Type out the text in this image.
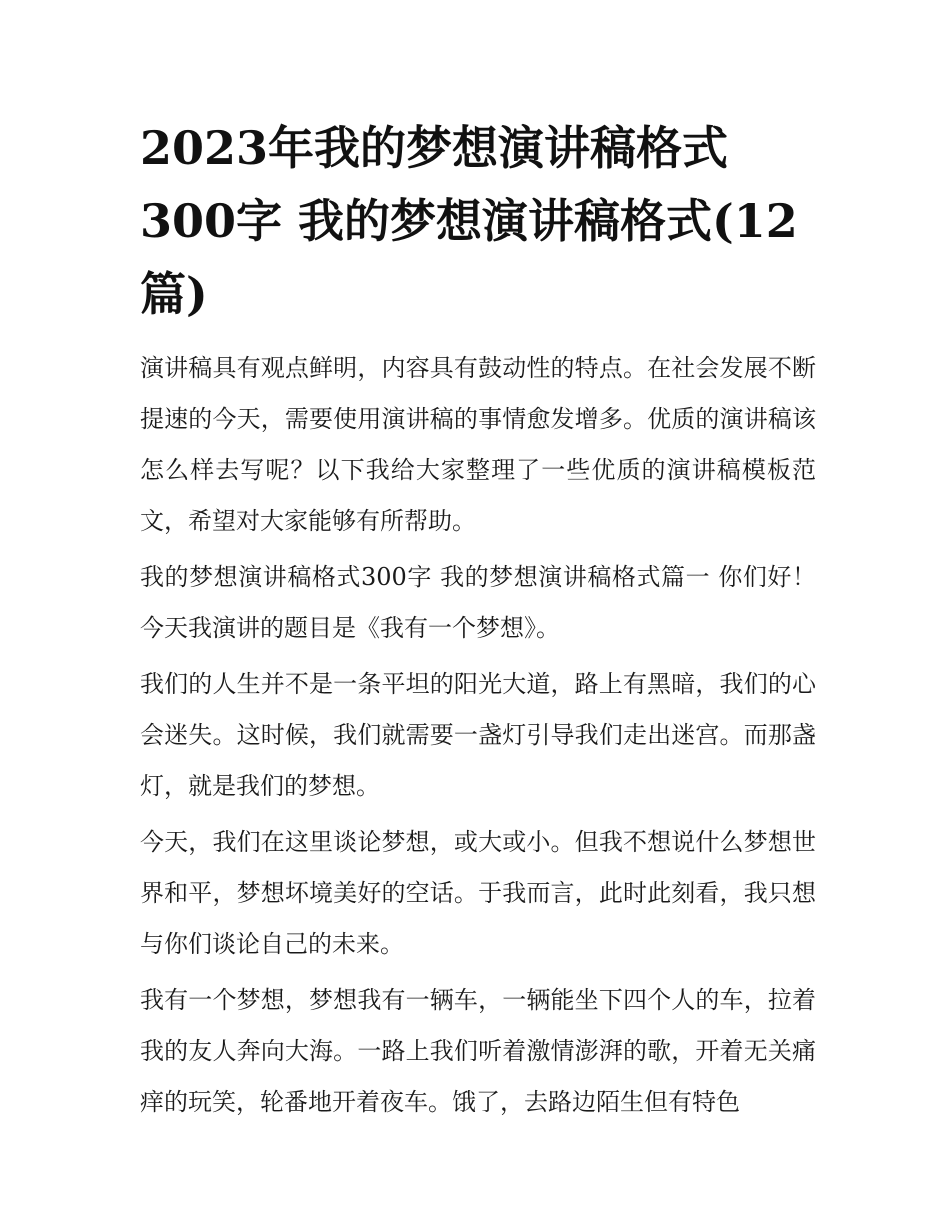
2023年我的梦想演讲稿格式300字 我的梦想演讲稿格式(12篇)

演讲稿具有观点鲜明，内容具有鼓动性的特点。在社会发展不断提速的今天，需要使用演讲稿的事情愈发增多。优质的演讲稿该怎么样去写呢？以下我给大家整理了一些优质的演讲稿模板范文，希望对大家能够有所帮助。

我的梦想演讲稿格式300字 我的梦想演讲稿格式篇一 你们好！ 今天我演讲的题目是《我有一个梦想》。

我们的人生并不是一条平坦的阳光大道，路上有黑暗，我们的心会迷失。这时候，我们就需要一盏灯引导我们走出迷宫。而那盏灯，就是我们的梦想。

今天，我们在这里谈论梦想，或大或小。但我不想说什么梦想世界和平，梦想坏境美好的空话。于我而言，此时此刻看，我只想与你们谈论自己的未来。

我有一个梦想，梦想我有一辆车，一辆能坐下四个人的车，拉着我的友人奔向大海。一路上我们听着激情澎湃的歌，开着无关痛痒的玩笑，轮番地开着夜车。饿了，去路边陌生但有特色
